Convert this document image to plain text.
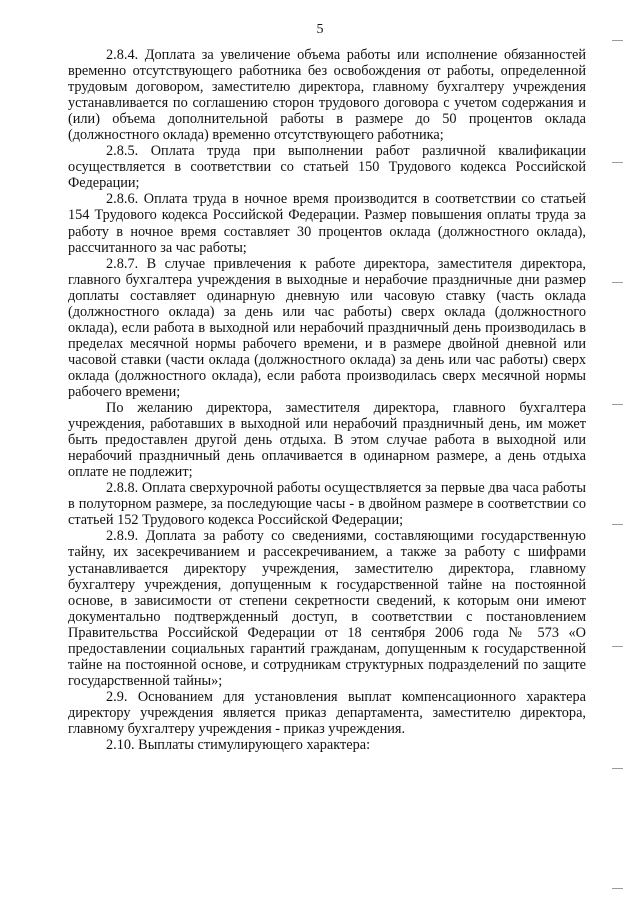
5

2.8.4. Доплата за увеличение объема работы или исполнение обязанностей временно отсутствующего работника без освобождения от работы, определенной трудовым договором, заместителю директора, главному бухгалтеру учреждения устанавливается по соглашению сторон трудового договора с учетом содержания и (или) объема дополнительной работы в размере до 50 процентов оклада (должностного оклада) временно отсутствующего работника;

2.8.5. Оплата труда при выполнении работ различной квалификации осуществляется в соответствии со статьей 150 Трудового кодекса Российской Федерации;

2.8.6. Оплата труда в ночное время производится в соответствии со статьей 154 Трудового кодекса Российской Федерации. Размер повышения оплаты труда за работу в ночное время составляет 30 процентов оклада (должностного оклада), рассчитанного за час работы;

2.8.7. В случае привлечения к работе директора, заместителя директора, главного бухгалтера учреждения в выходные и нерабочие праздничные дни размер доплаты составляет одинарную дневную или часовую ставку (часть оклада (должностного оклада) за день или час работы) сверх оклада (должностного оклада), если работа в выходной или нерабочий праздничный день производилась в пределах месячной нормы рабочего времени, и в размере двойной дневной или часовой ставки (части оклада (должностного оклада) за день или час работы) сверх оклада (должностного оклада), если работа производилась сверх месячной нормы рабочего времени;

По желанию директора, заместителя директора, главного бухгалтера учреждения, работавших в выходной или нерабочий праздничный день, им может быть предоставлен другой день отдыха. В этом случае работа в выходной или нерабочий праздничный день оплачивается в одинарном размере, а день отдыха оплате не подлежит;

2.8.8. Оплата сверхурочной работы осуществляется за первые два часа работы в полуторном размере, за последующие часы - в двойном размере в соответствии со статьей 152 Трудового кодекса Российской Федерации;

2.8.9. Доплата за работу со сведениями, составляющими государственную тайну, их засекречиванием и рассекречиванием, а также за работу с шифрами устанавливается директору учреждения, заместителю директора, главному бухгалтеру учреждения, допущенным к государственной тайне на постоянной основе, в зависимости от степени секретности сведений, к которым они имеют документально подтвержденный доступ, в соответствии с постановлением Правительства Российской Федерации от 18 сентября 2006 года № 573 «О предоставлении социальных гарантий гражданам, допущенным к государственной тайне на постоянной основе, и сотрудникам структурных подразделений по защите государственной тайны»;

2.9. Основанием для установления выплат компенсационного характера директору учреждения является приказ департамента, заместителю директора, главному бухгалтеру учреждения - приказ учреждения.

2.10. Выплаты стимулирующего характера:
